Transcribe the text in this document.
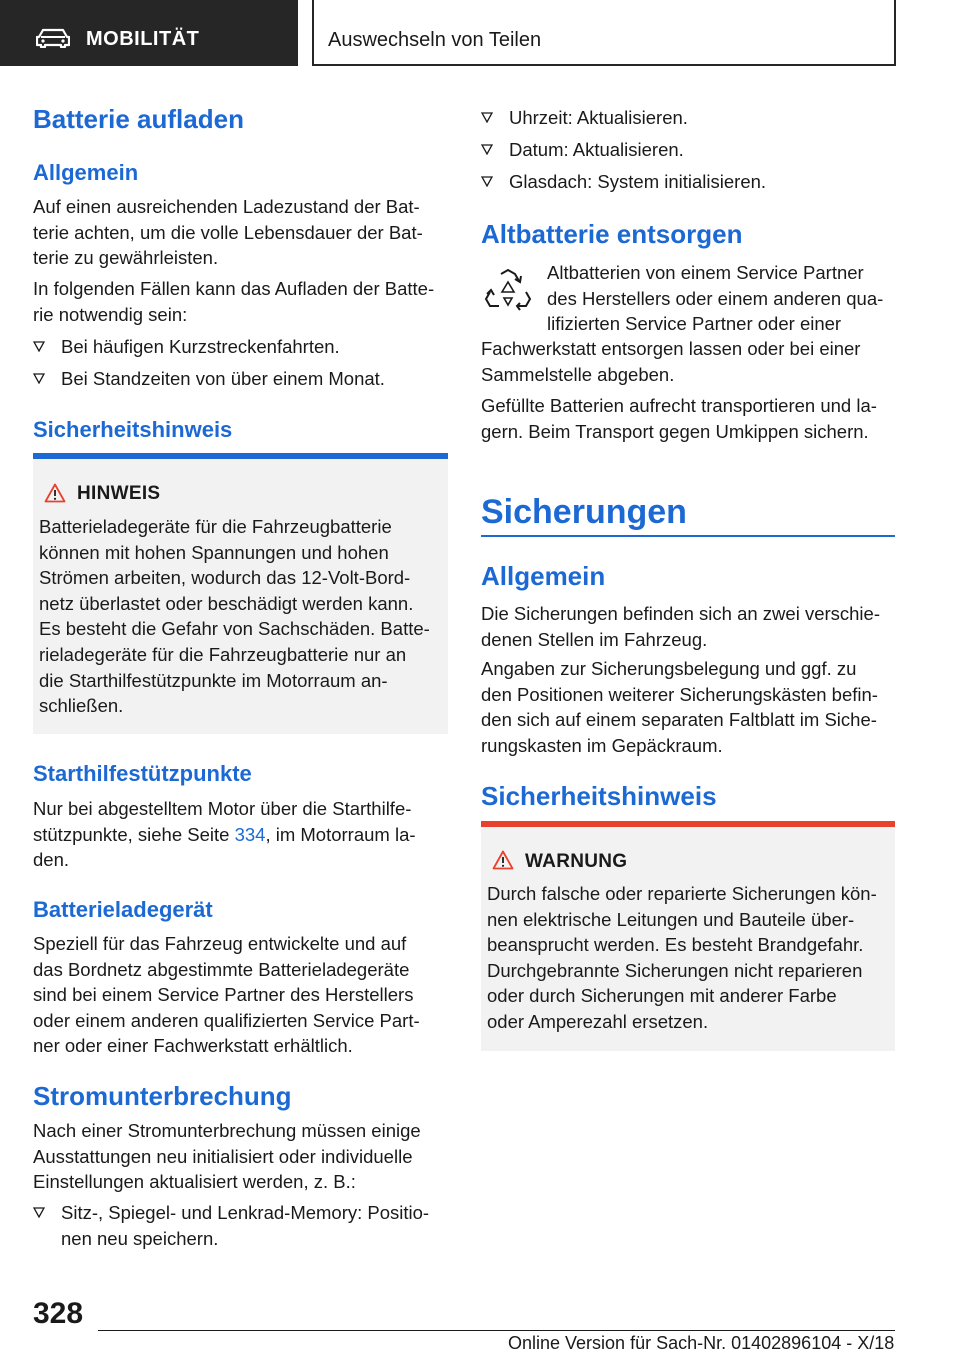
MOBILITÄT	Auswechseln von Teilen
Batterie aufladen
Allgemein
Auf einen ausreichenden Ladezustand der Bat‐
terie achten, um die volle Lebensdauer der Bat‐
terie zu gewährleisten.
In folgenden Fällen kann das Aufladen der Batte‐
rie notwendig sein:
Bei häufigen Kurzstreckenfahrten.
Bei Standzeiten von über einem Monat.
Sicherheitshinweis
HINWEIS
Batterieladegeräte für die Fahrzeugbatterie
können mit hohen Spannungen und hohen
Strömen arbeiten, wodurch das 12-Volt-Bord‐
netz überlastet oder beschädigt werden kann.
Es besteht die Gefahr von Sachschäden. Batte‐
rieladegeräte für die Fahrzeugbatterie nur an
die Starthilfestützpunkte im Motorraum an‐
schließen.
Starthilfestützpunkte
Nur bei abgestelltem Motor über die Starthilfe‐
stützpunkte, siehe Seite 334, im Motorraum la‐
den.
Batterieladegerät
Speziell für das Fahrzeug entwickelte und auf
das Bordnetz abgestimmte Batterieladegeräte
sind bei einem Service Partner des Herstellers
oder einem anderen qualifizierten Service Part‐
ner oder einer Fachwerkstatt erhältlich.
Stromunterbrechung
Nach einer Stromunterbrechung müssen einige
Ausstattungen neu initialisiert oder individuelle
Einstellungen aktualisiert werden, z. B.:
Sitz-, Spiegel- und Lenkrad-Memory: Positio‐
nen neu speichern.
Uhrzeit: Aktualisieren.
Datum: Aktualisieren.
Glasdach: System initialisieren.
Altbatterie entsorgen
Altbatterien von einem Service Partner
des Herstellers oder einem anderen qua‐
lifizierten Service Partner oder einer
Fachwerkstatt entsorgen lassen oder bei einer
Sammelstelle abgeben.
Gefüllte Batterien aufrecht transportieren und la‐
gern. Beim Transport gegen Umkippen sichern.
Sicherungen
Allgemein
Die Sicherungen befinden sich an zwei verschie‐
denen Stellen im Fahrzeug.
Angaben zur Sicherungsbelegung und ggf. zu
den Positionen weiterer Sicherungskästen befin‐
den sich auf einem separaten Faltblatt im Siche‐
rungskasten im Gepäckraum.
Sicherheitshinweis
WARNUNG
Durch falsche oder reparierte Sicherungen kön‐
nen elektrische Leitungen und Bauteile über‐
beansprucht werden. Es besteht Brandgefahr.
Durchgebrannte Sicherungen nicht reparieren
oder durch Sicherungen mit anderer Farbe
oder Amperezahl ersetzen.
328
Online Version für Sach-Nr. 01402896104 - X/18
